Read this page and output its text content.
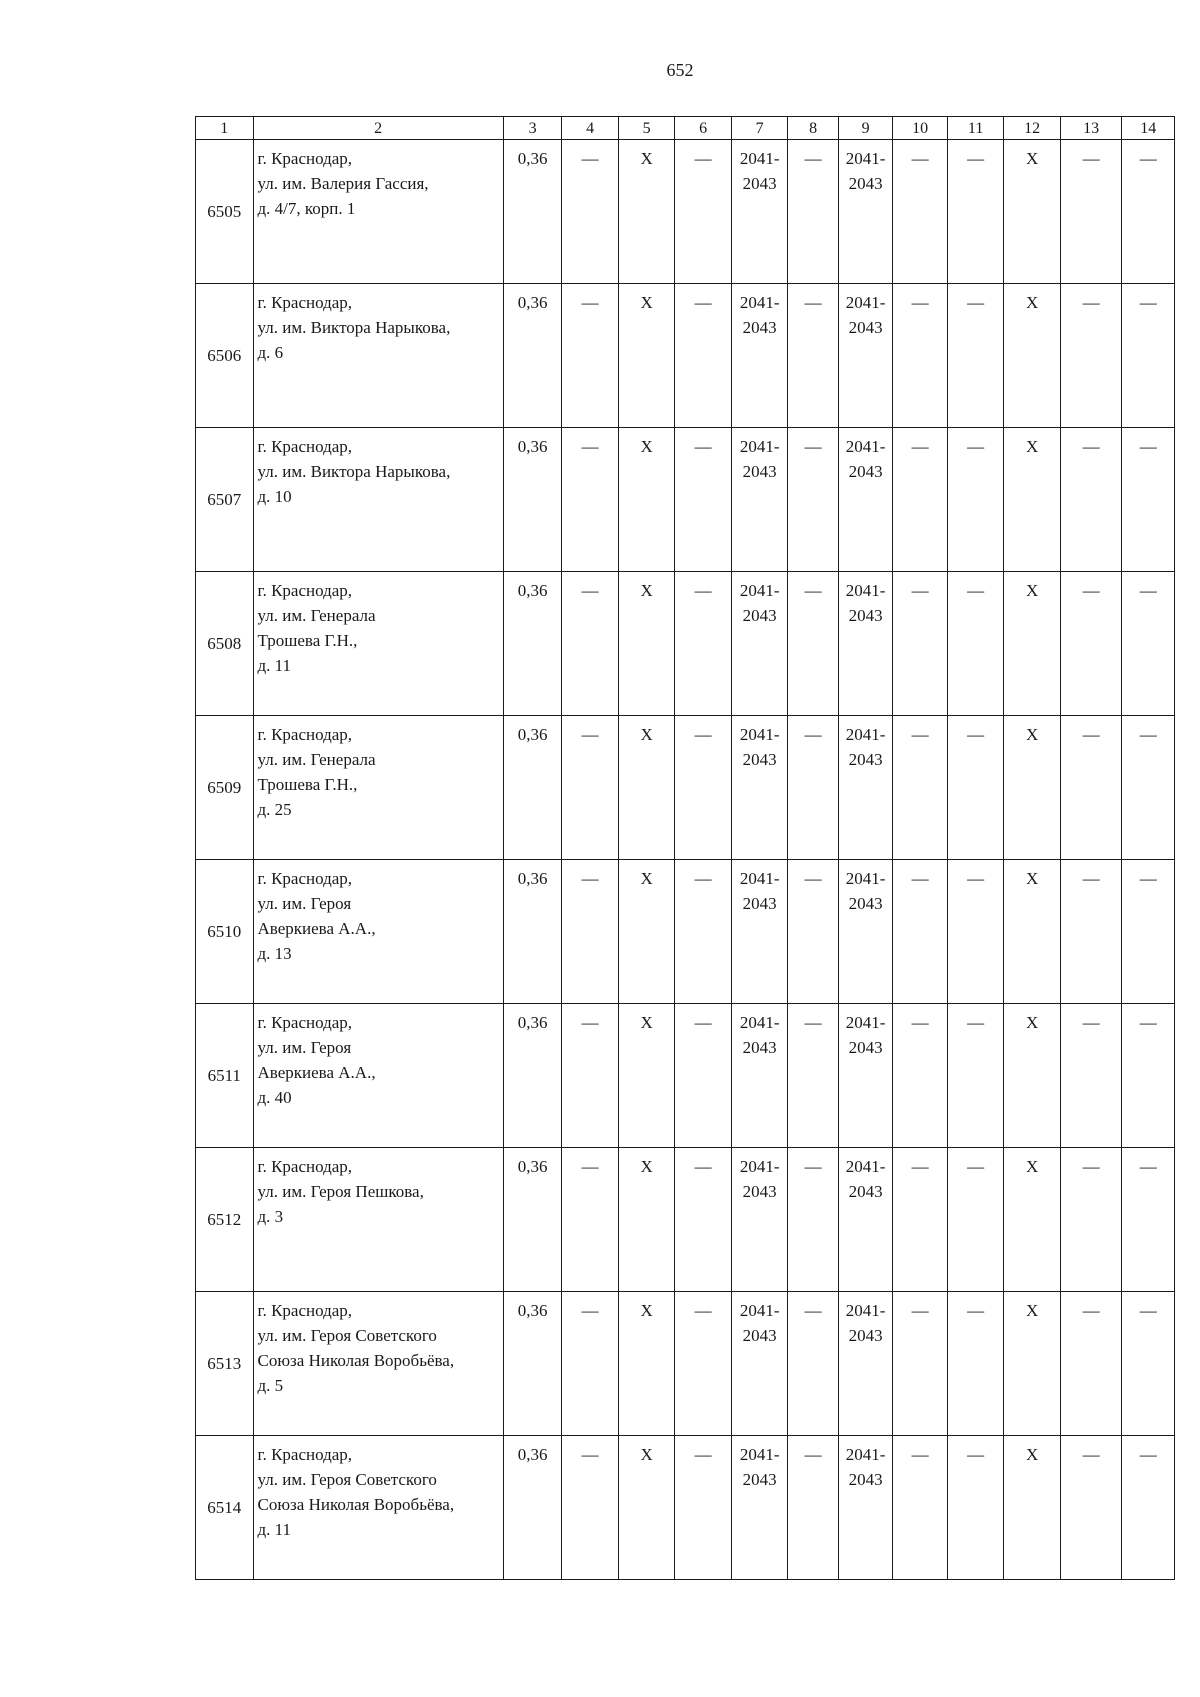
652
1	2	3	4	5	6	7	8	9	10	11	12	13	14
6505	г. Краснодар,
ул. им. Валерия Гассия,
д. 4/7, корп. 1	0,36	—	Х	—	2041-
2043	—	2041-
2043	—	—	Х	—	—
6506	г. Краснодар,
ул. им. Виктора Нарыкова,
д. 6	0,36	—	Х	—	2041-
2043	—	2041-
2043	—	—	Х	—	—
6507	г. Краснодар,
ул. им. Виктора Нарыкова,
д. 10	0,36	—	Х	—	2041-
2043	—	2041-
2043	—	—	Х	—	—
6508	г. Краснодар,
ул. им. Генерала
Трошева Г.Н.,
д. 11	0,36	—	Х	—	2041-
2043	—	2041-
2043	—	—	Х	—	—
6509	г. Краснодар,
ул. им. Генерала
Трошева Г.Н.,
д. 25	0,36	—	Х	—	2041-
2043	—	2041-
2043	—	—	Х	—	—
6510	г. Краснодар,
ул. им. Героя
Аверкиева А.А.,
д. 13	0,36	—	Х	—	2041-
2043	—	2041-
2043	—	—	Х	—	—
6511	г. Краснодар,
ул. им. Героя
Аверкиева А.А.,
д. 40	0,36	—	Х	—	2041-
2043	—	2041-
2043	—	—	Х	—	—
6512	г. Краснодар,
ул. им. Героя Пешкова,
д. 3	0,36	—	Х	—	2041-
2043	—	2041-
2043	—	—	Х	—	—
6513	г. Краснодар,
ул. им. Героя Советского
Союза Николая Воробьёва,
д. 5	0,36	—	Х	—	2041-
2043	—	2041-
2043	—	—	Х	—	—
6514	г. Краснодар,
ул. им. Героя Советского
Союза Николая Воробьёва,
д. 11	0,36	—	Х	—	2041-
2043	—	2041-
2043	—	—	Х	—	—
